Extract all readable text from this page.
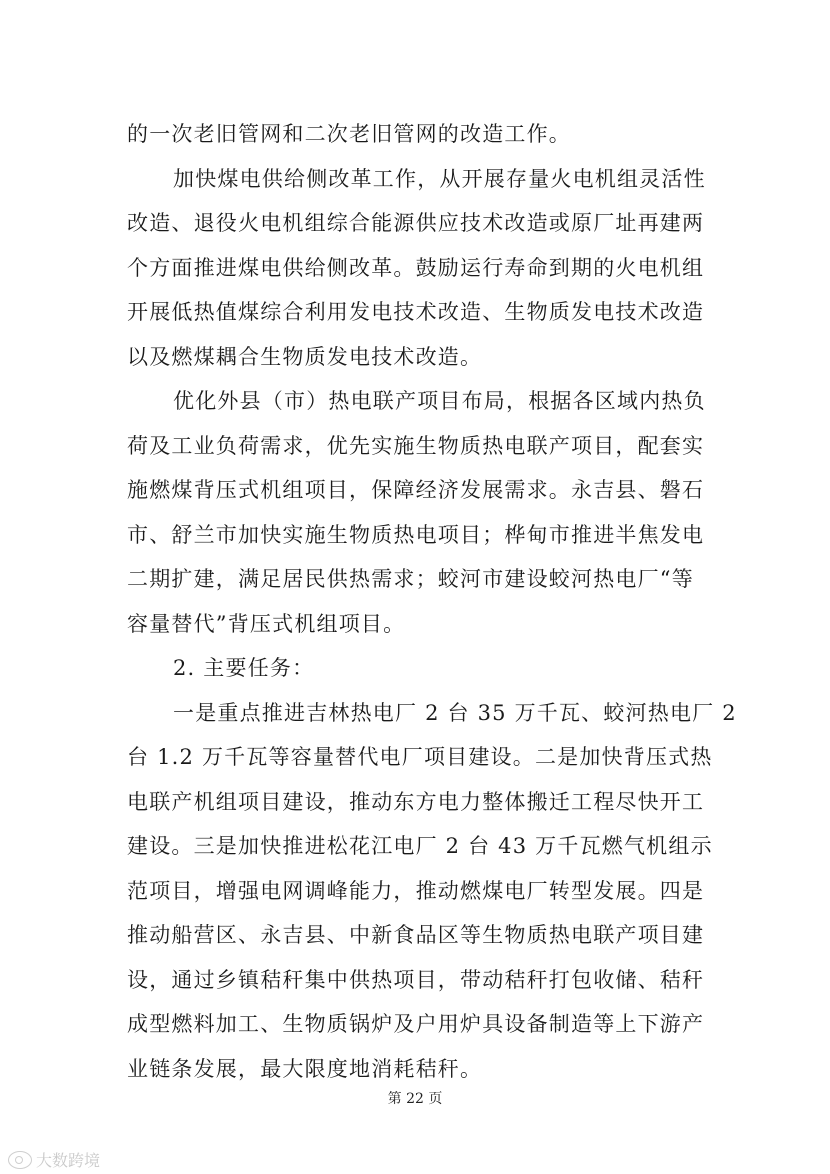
的一次老旧管网和二次老旧管网的改造工作。
加快煤电供给侧改革工作，从开展存量火电机组灵活性
改造、退役火电机组综合能源供应技术改造或原厂址再建两
个方面推进煤电供给侧改革。鼓励运行寿命到期的火电机组
开展低热值煤综合利用发电技术改造、生物质发电技术改造
以及燃煤耦合生物质发电技术改造。
优化外县（市）热电联产项目布局，根据各区域内热负
荷及工业负荷需求，优先实施生物质热电联产项目，配套实
施燃煤背压式机组项目，保障经济发展需求。永吉县、磐石
市、舒兰市加快实施生物质热电项目；桦甸市推进半焦发电
二期扩建，满足居民供热需求；蛟河市建设蛟河热电厂“等
容量替代”背压式机组项目。
2. 主要任务：
一是重点推进吉林热电厂 2 台 35 万千瓦、蛟河热电厂 2
台 1.2 万千瓦等容量替代电厂项目建设。二是加快背压式热
电联产机组项目建设，推动东方电力整体搬迁工程尽快开工
建设。三是加快推进松花江电厂 2 台 43 万千瓦燃气机组示
范项目，增强电网调峰能力，推动燃煤电厂转型发展。四是
推动船营区、永吉县、中新食品区等生物质热电联产项目建
设，通过乡镇秸秆集中供热项目，带动秸秆打包收储、秸秆
成型燃料加工、生物质锅炉及户用炉具设备制造等上下游产
业链条发展，最大限度地消耗秸秆。
第 22 页
大数跨境
